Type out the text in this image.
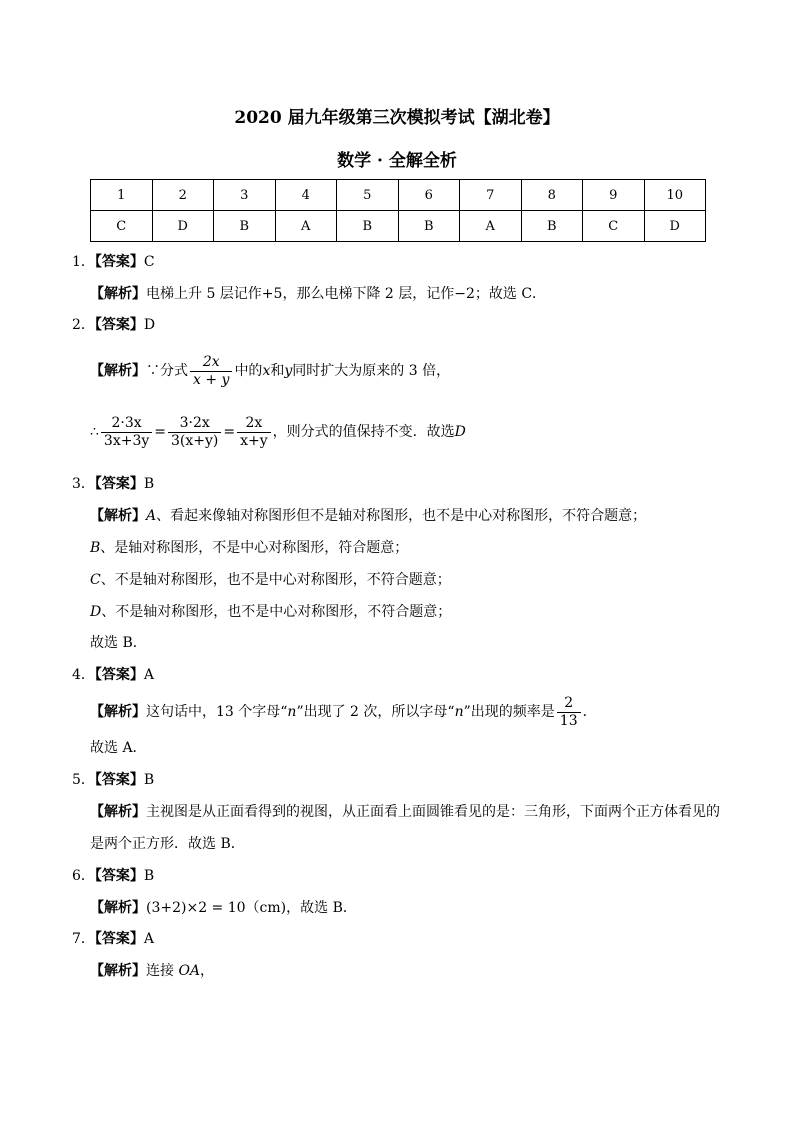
2020 届九年级第三次模拟考试【湖北卷】
数学 · 全解全析
1	2	3	4	5	6	7	8	9	10
C	D	B	A	B	B	A	B	C	D
1．【答案】C
【解析】电梯上升 5 层记作+5，那么电梯下降 2 层，记作−2；故选 C．
2．【答案】D
【解析】∵分式 $\frac{2x}{x + y}$ 中的x和y同时扩大为原来的 3 倍，
∴ $\frac{2\cdot 3x}{3x+3y} = \frac{3\cdot 2x}{3(x+y)} = \frac{2x}{x+y}$ ，则分式的值保持不变．故选D
3．【答案】B
【解析】A、看起来像轴对称图形但不是轴对称图形，也不是中心对称图形，不符合题意；
B、是轴对称图形，不是中心对称图形，符合题意；
C、不是轴对称图形，也不是中心对称图形，不符合题意；
D、不是轴对称图形，也不是中心对称图形，不符合题意；
故选 B．
4．【答案】A
【解析】这句话中，13 个字母“n”出现了 2 次，所以字母“n”出现的频率是 $\frac{2}{13}$ ．
故选 A．
5．【答案】B
【解析】主视图是从正面看得到的视图，从正面看上面圆锥看见的是：三角形，下面两个正方体看见的
是两个正方形．故选 B．
6．【答案】B
【解析】(3+2)×2 = 10（cm)，故选 B．
7．【答案】A
【解析】连接 OA，
